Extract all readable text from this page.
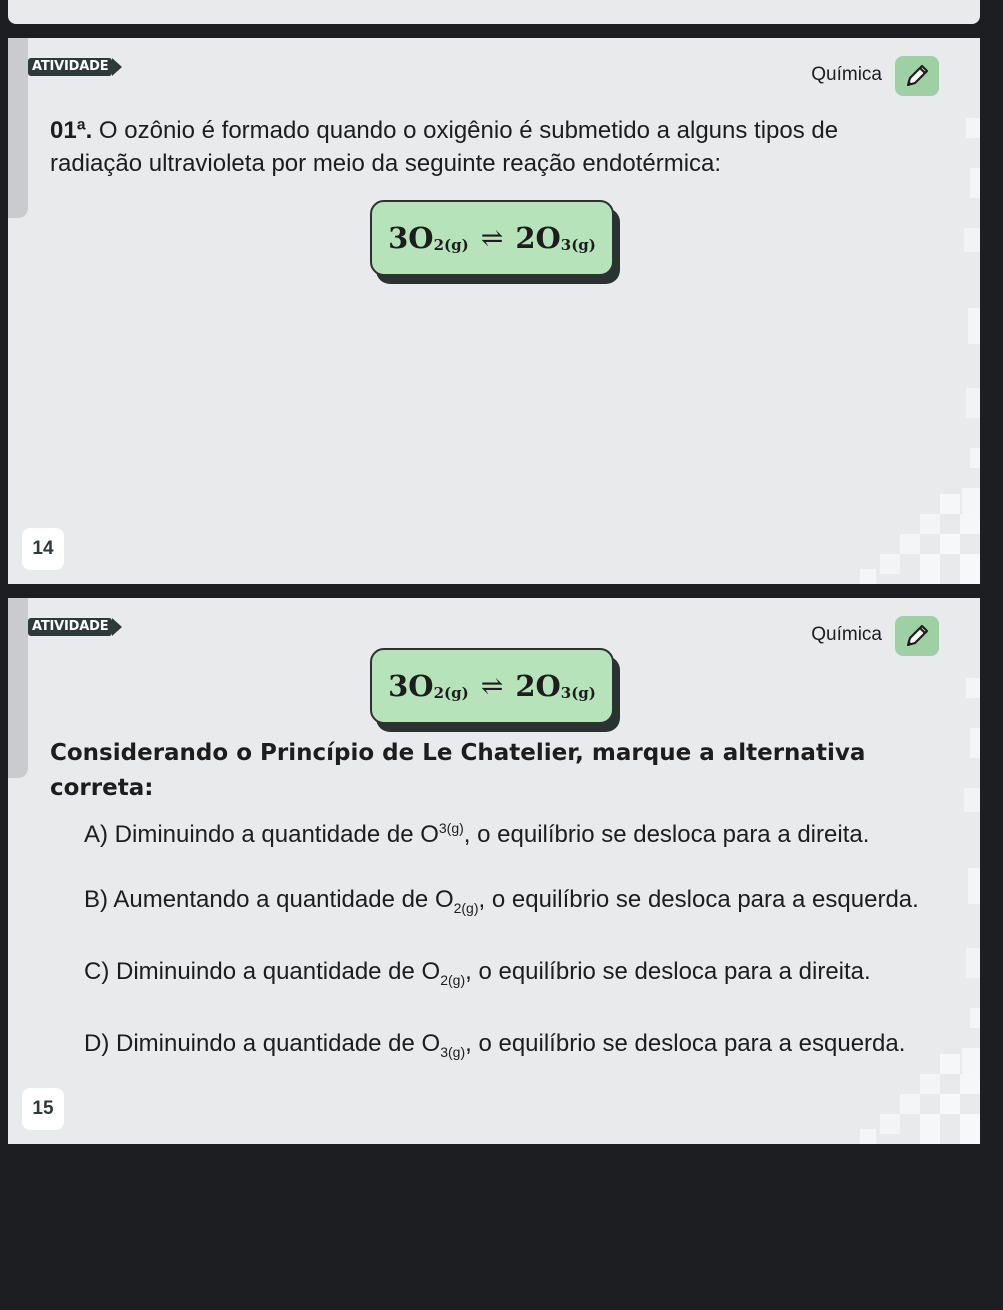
ATIVIDADE	Química

01ª. O ozônio é formado quando o oxigênio é submetido a alguns tipos de radiação ultravioleta por meio da seguinte reação endotérmica:

$3O_{2(g)}$ ⇌ $2O_{3(g)}$
14
ATIVIDADE	Química
$3O_{2(g)}$ ⇌ $2O_{3(g)}$

Considerando o Princípio de Le Chatelier, marque a alternativa correta:

A) Diminuindo a quantidade de $O^{3(g)}$, o equilíbrio se desloca para a direita.

B) Aumentando a quantidade de $O_{2(g)}$, o equilíbrio se desloca para a esquerda.

C) Diminuindo a quantidade de $O_{2(g)}$, o equilíbrio se desloca para a direita.

D) Diminuindo a quantidade de $O_{3(g)}$, o equilíbrio se desloca para a esquerda.

15
